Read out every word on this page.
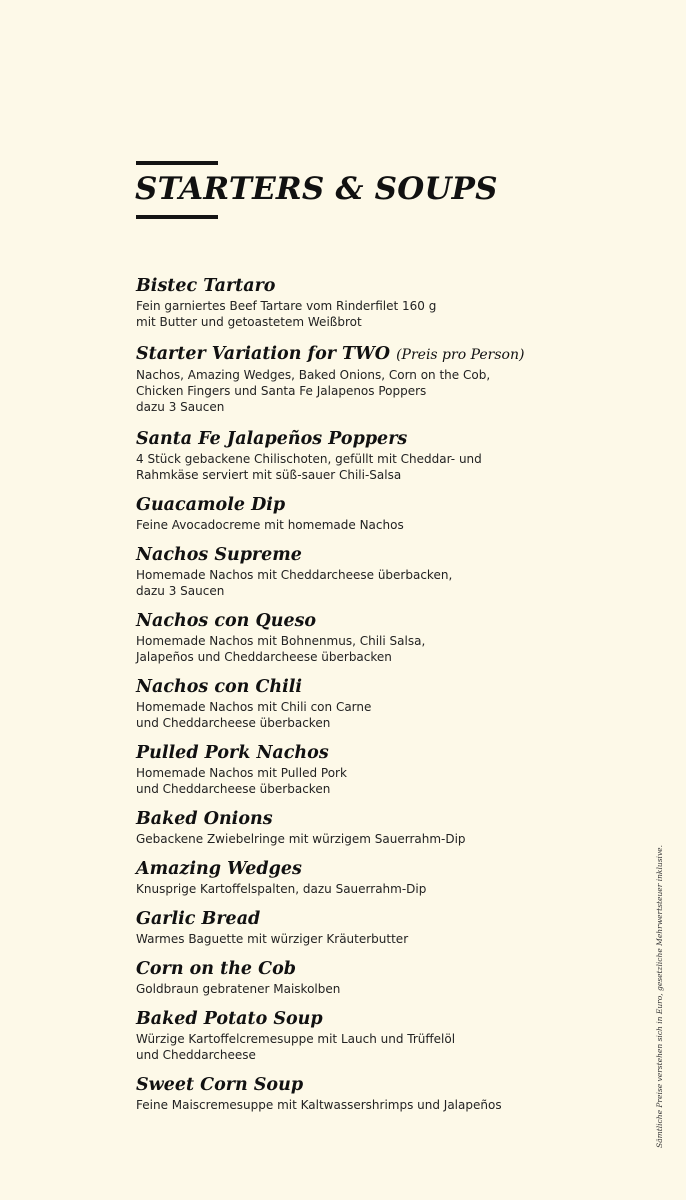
STARTERS & SOUPS
Bistec Tartaro
Fein garniertes Beef Tartare vom Rinderfilet 160 g
mit Butter und getoastetem Weißbrot
Starter Variation for TWO (Preis pro Person)
Nachos, Amazing Wedges, Baked Onions, Corn on the Cob,
Chicken Fingers und Santa Fe Jalapenos Poppers
dazu 3 Saucen
Santa Fe Jalapeños Poppers
4 Stück gebackene Chilischoten, gefüllt mit Cheddar- und
Rahmkäse serviert mit süß-sauer Chili-Salsa
Guacamole Dip
Feine Avocadocreme mit homemade Nachos
Nachos Supreme
Homemade Nachos mit Cheddarcheese überbacken,
dazu 3 Saucen
Nachos con Queso
Homemade Nachos mit Bohnenmus, Chili Salsa,
Jalapeños und Cheddarcheese überbacken
Nachos con Chili
Homemade Nachos mit Chili con Carne
und Cheddarcheese überbacken
Pulled Pork Nachos
Homemade Nachos mit Pulled Pork
und Cheddarcheese überbacken
Baked Onions
Gebackene Zwiebelringe mit würzigem Sauerrahm-Dip
Amazing Wedges
Knusprige Kartoffelspalten, dazu Sauerrahm-Dip
Garlic Bread
Warmes Baguette mit würziger Kräuterbutter
Corn on the Cob
Goldbraun gebratener Maiskolben
Baked Potato Soup
Würzige Kartoffelcremesuppe mit Lauch und Trüffelöl
und Cheddarcheese
Sweet Corn Soup
Feine Maiscremesuppe mit Kaltwassershrimps und Jalapeños	Sämtliche Preise verstehen sich in Euro, gesetzliche Mehrwertsteuer inklusive.
